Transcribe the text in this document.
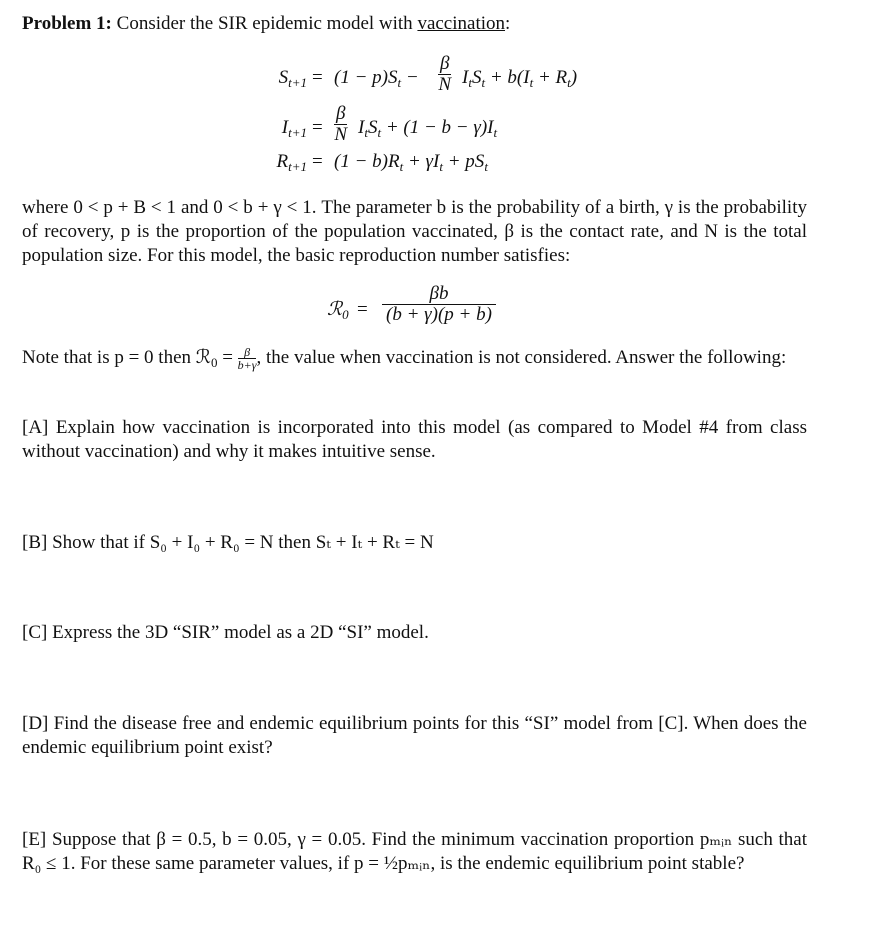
Problem 1: Consider the SIR epidemic model with vaccination:
$S_{t+1} = (1 - p)S_t - \frac{\beta}{N} I_tS_t + b(I_t + R_t)$
$I_{t+1} = \frac{\beta}{N} I_tS_t + (1 - b - \gamma)I_t$
$R_{t+1} = (1 - b)R_t + \gamma I_t + pS_t$
where 0 < p + B < 1 and 0 < b + γ < 1. The parameter b is the probability of a birth, γ is the probability of recovery, p is the proportion of the population vaccinated, β is the contact rate, and N is the total population size. For this model, the basic reproduction number satisfies:
ℛ$_0$ = $\frac{\beta b}{(b + \gamma)(p + b)}$
Note that is p = 0 then ℛ$_0$ = $\frac{\beta}{b+\gamma}$ , the value when vaccination is not considered. Answer the following:
[A] Explain how vaccination is incorporated into this model (as compared to Model #4 from class without vaccination) and why it makes intuitive sense.
[B] Show that if S₀ + I₀ + R₀ = N then Sₜ + Iₜ + Rₜ = N
[C] Express the 3D “SIR” model as a 2D “SI” model.
[D] Find the disease free and endemic equilibrium points for this “SI” model from [C]. When does the endemic equilibrium point exist?
[E] Suppose that β = 0.5, b = 0.05, γ = 0.05. Find the minimum vaccination proportion pₘᵢₙ such that R₀ ≤ 1. For these same parameter values, if p = ½pₘᵢₙ, is the endemic equilibrium point stable?
